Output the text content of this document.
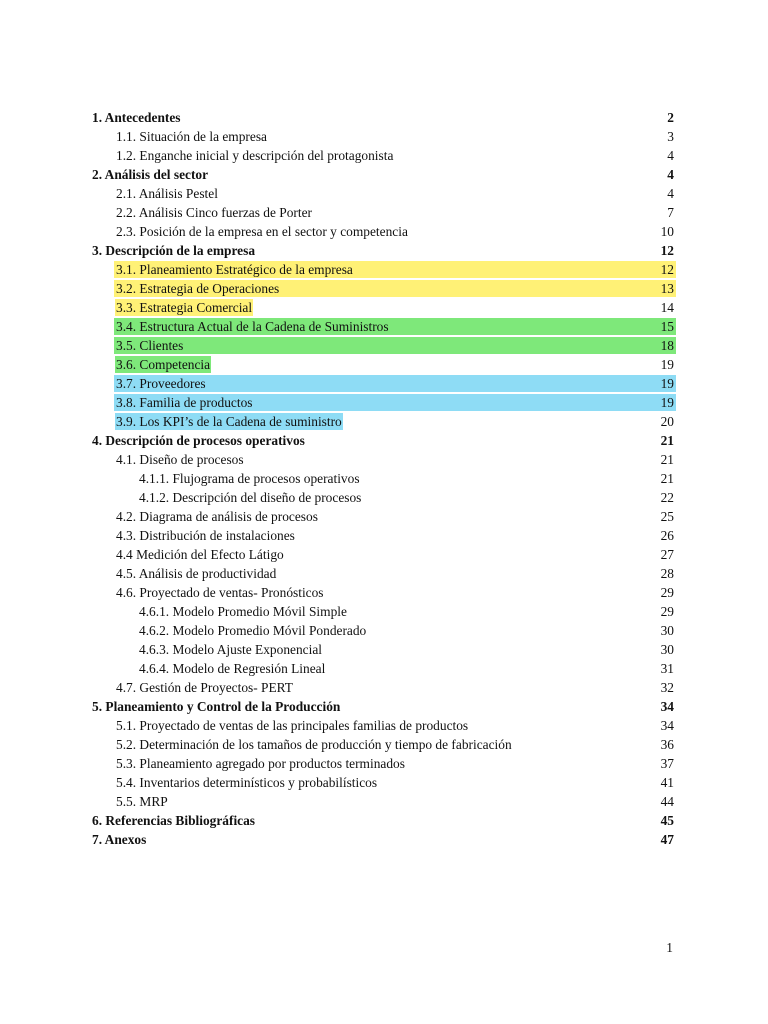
1. Antecedentes	2
1.1. Situación de la empresa	3
1.2. Enganche inicial y descripción del protagonista	4
2. Análisis del sector	4
2.1. Análisis Pestel	4
2.2. Análisis Cinco fuerzas de Porter	7
2.3. Posición de la empresa en el sector y competencia	10
3. Descripción de la empresa	12
3.1. Planeamiento Estratégico de la empresa	12
3.2. Estrategia de Operaciones	13
3.3. Estrategia Comercial	14
3.4. Estructura Actual de la Cadena de Suministros	15
3.5. Clientes	18
3.6. Competencia	19
3.7. Proveedores	19
3.8. Familia de productos	19
3.9. Los KPI’s de la Cadena de suministro	20
4. Descripción de procesos operativos	21
4.1. Diseño de procesos	21
4.1.1. Flujograma de procesos operativos	21
4.1.2. Descripción del diseño de procesos	22
4.2. Diagrama de análisis de procesos	25
4.3. Distribución de instalaciones	26
4.4 Medición del Efecto Látigo	27
4.5. Análisis de productividad	28
4.6. Proyectado de ventas- Pronósticos	29
4.6.1. Modelo Promedio Móvil Simple	29
4.6.2. Modelo Promedio Móvil Ponderado	30
4.6.3. Modelo Ajuste Exponencial	30
4.6.4. Modelo de Regresión Lineal	31
4.7. Gestión de Proyectos- PERT	32
5. Planeamiento y Control de la Producción	34
5.1. Proyectado de ventas de las principales familias de productos	34
5.2. Determinación de los tamaños de producción y tiempo de fabricación	36
5.3. Planeamiento agregado por productos terminados	37
5.4. Inventarios determinísticos y probabilísticos	41
5.5. MRP	44
6. Referencias Bibliográficas	45
7. Anexos	47
1
